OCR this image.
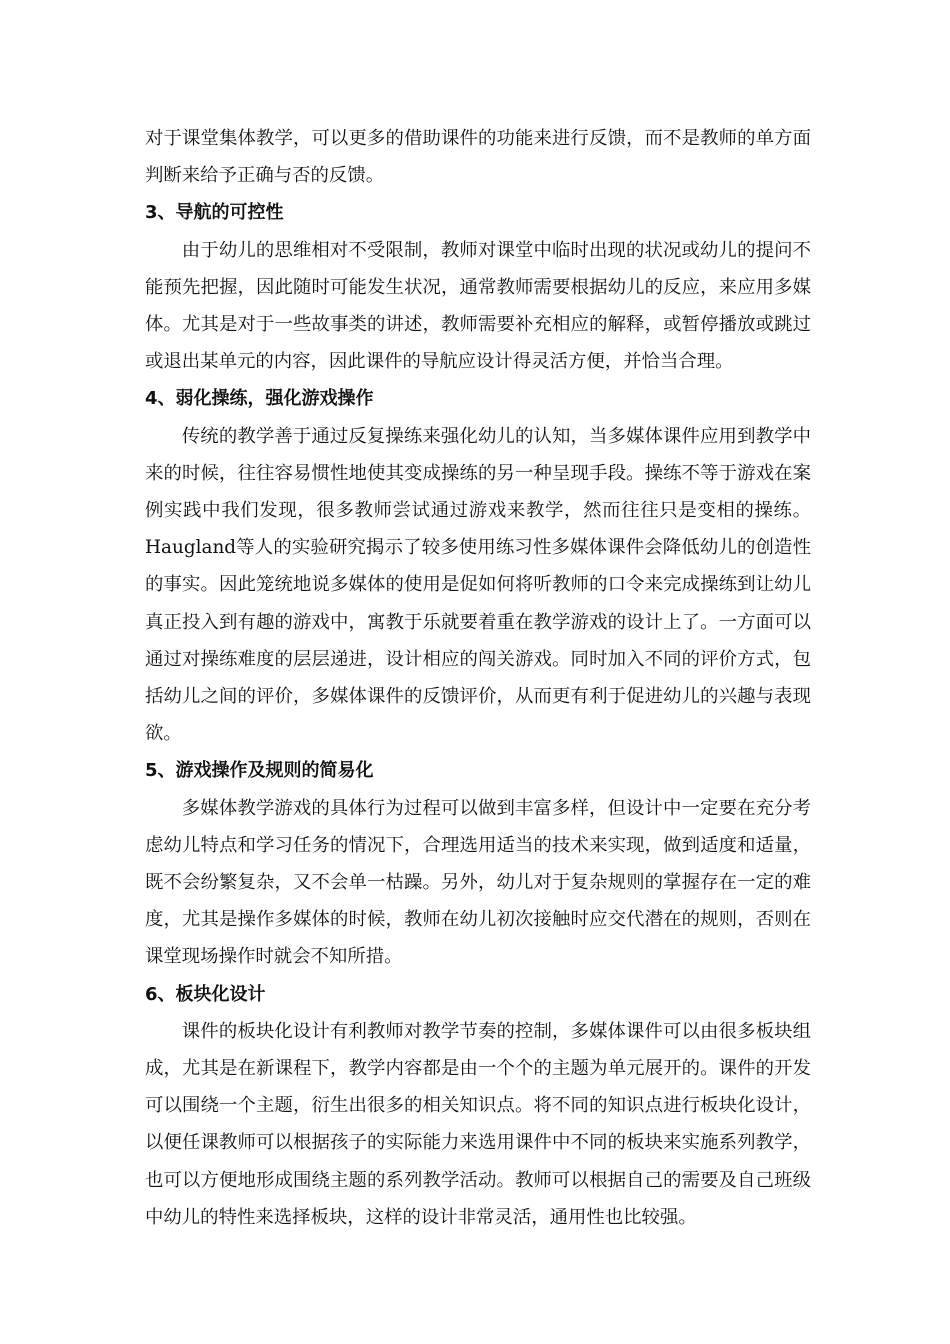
对于课堂集体教学，可以更多的借助课件的功能来进行反馈，而不是教师的单方面判断来给予正确与否的反馈。

3、导航的可控性

由于幼儿的思维相对不受限制，教师对课堂中临时出现的状况或幼儿的提问不能预先把握，因此随时可能发生状况，通常教师需要根据幼儿的反应，来应用多媒体。尤其是对于一些故事类的讲述，教师需要补充相应的解释，或暂停播放或跳过或退出某单元的内容，因此课件的导航应设计得灵活方便，并恰当合理。

4、弱化操练，强化游戏操作

传统的教学善于通过反复操练来强化幼儿的认知，当多媒体课件应用到教学中来的时候，往往容易惯性地使其变成操练的另一种呈现手段。操练不等于游戏在案例实践中我们发现，很多教师尝试通过游戏来教学，然而往往只是变相的操练。Haugland等人的实验研究揭示了较多使用练习性多媒体课件会降低幼儿的创造性的事实。因此笼统地说多媒体的使用是促如何将听教师的口令来完成操练到让幼儿真正投入到有趣的游戏中，寓教于乐就要着重在教学游戏的设计上了。一方面可以通过对操练难度的层层递进，设计相应的闯关游戏。同时加入不同的评价方式，包括幼儿之间的评价，多媒体课件的反馈评价，从而更有利于促进幼儿的兴趣与表现欲。

5、游戏操作及规则的简易化

多媒体教学游戏的具体行为过程可以做到丰富多样，但设计中一定要在充分考虑幼儿特点和学习任务的情况下，合理选用适当的技术来实现，做到适度和适量，既不会纷繁复杂，又不会单一枯躁。另外，幼儿对于复杂规则的掌握存在一定的难度，尤其是操作多媒体的时候，教师在幼儿初次接触时应交代潜在的规则，否则在课堂现场操作时就会不知所措。

6、板块化设计

课件的板块化设计有利教师对教学节奏的控制，多媒体课件可以由很多板块组成，尤其是在新课程下，教学内容都是由一个个的主题为单元展开的。课件的开发可以围绕一个主题，衍生出很多的相关知识点。将不同的知识点进行板块化设计，以便任课教师可以根据孩子的实际能力来选用课件中不同的板块来实施系列教学，也可以方便地形成围绕主题的系列教学活动。教师可以根据自己的需要及自己班级中幼儿的特性来选择板块，这样的设计非常灵活，通用性也比较强。
